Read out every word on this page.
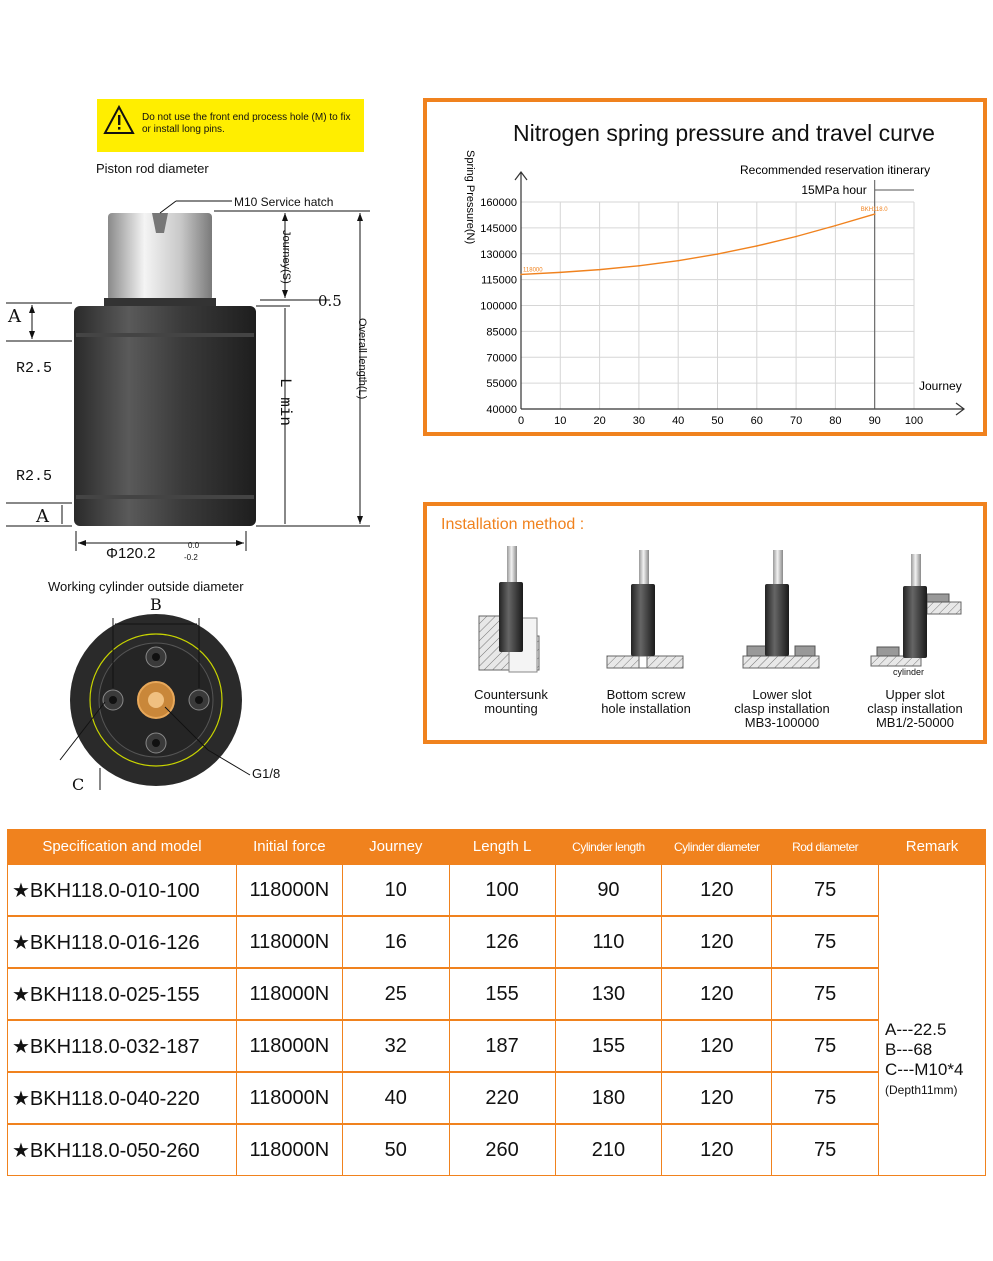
Do not use the front end process hole (M) to fix or install long pins.
Piston rod diameter
M10 Service hatch
Journey(S)
Overall length(L)
L min
0.5
A
R2.5
R2.5
A
Φ120.2	0.0
-0.2
Working cylinder outside diameter
B
C
G1/8
Nitrogen spring pressure and travel curve
0	10 20 30 40 50 60 70 80 90 100
40000
55000
70000
85000
100000
115000
130000
145000
160000
Journey
Spring Pressure(N)	Recommended reservation itinerary
15MPa hour
118000
BKH118.0
Installation method :
Countersunk
mounting
Bottom screw
hole installation
Lower slot
clasp installation
MB3-100000
Upper slot
clasp installation
MB1/2-50000
cylinder
Specification and model	Initial force	Journey	Length L	Cylinder length	Cylinder diameter	Rod diameter	Remark
★BKH118.0-010-100	118000N	10	100	90	120	75	A---22.5
B---68
C---M10*4
(Depth11mm)

★BKH118.0-016-126	118000N	16	126	110	120	75	
★BKH118.0-025-155	118000N	25	155	130	120	75	
★BKH118.0-032-187	118000N	32	187	155	120	75	
★BKH118.0-040-220	118000N	40	220	180	120	75	
★BKH118.0-050-260	118000N	50	260	210	120	75	
